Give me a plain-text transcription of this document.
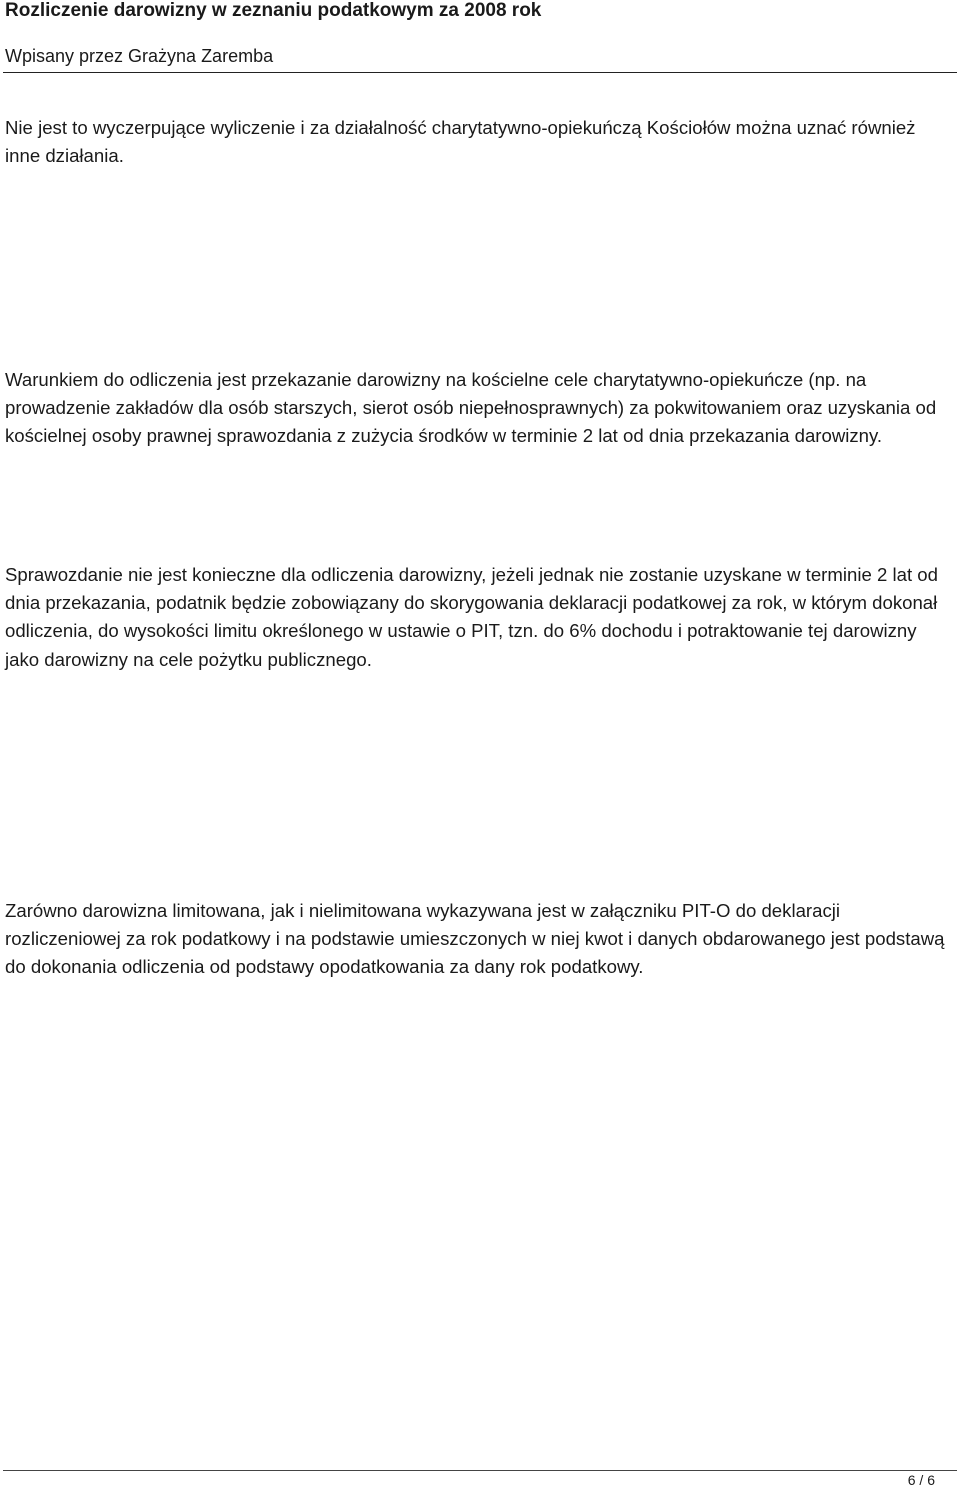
Rozliczenie darowizny w zeznaniu podatkowym za 2008 rok
Wpisany przez Grażyna Zaremba

Nie jest to wyczerpujące wyliczenie i za działalność charytatywno-opiekuńczą Kościołów można uznać również inne działania.

Warunkiem do odliczenia jest przekazanie darowizny na kościelne cele charytatywno-opiekuńcze (np. na prowadzenie zakładów dla osób starszych, sierot osób niepełnosprawnych) za pokwitowaniem oraz uzyskania od kościelnej osoby prawnej sprawozdania z zużycia środków w terminie 2 lat od dnia przekazania darowizny.

Sprawozdanie nie jest konieczne dla odliczenia darowizny, jeżeli jednak nie zostanie uzyskane w terminie 2 lat od dnia przekazania, podatnik będzie zobowiązany do skorygowania deklaracji podatkowej za rok, w którym dokonał odliczenia, do wysokości limitu określonego w ustawie o PIT, tzn. do 6% dochodu i potraktowanie tej darowizny jako darowizny na cele pożytku publicznego.

Zarówno darowizna limitowana, jak i nielimitowana wykazywana jest w załączniku PIT-O do deklaracji rozliczeniowej za rok podatkowy i na podstawie umieszczonych w niej kwot i danych obdarowanego jest podstawą do dokonania odliczenia od podstawy opodatkowania za dany rok podatkowy.

6 / 6
